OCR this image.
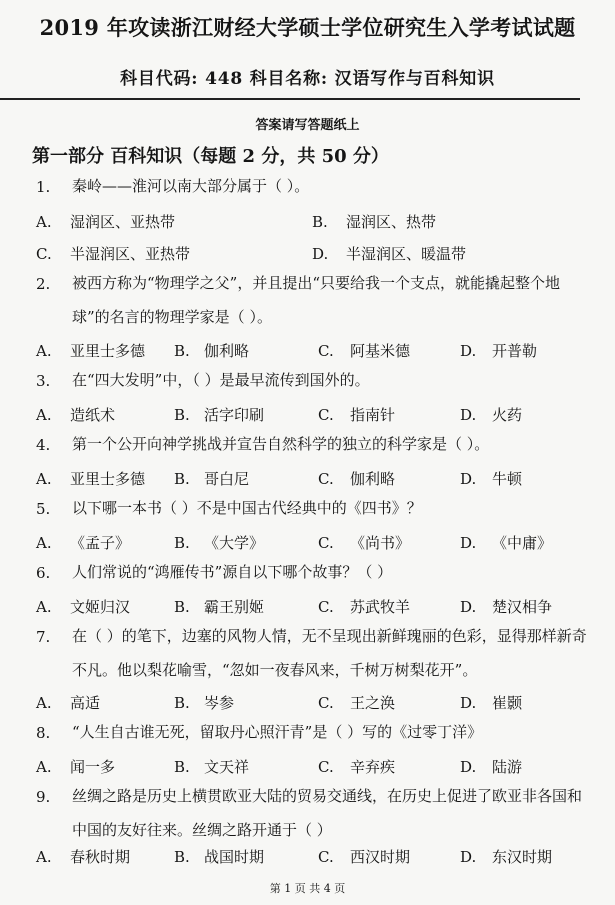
2019 年攻读浙江财经大学硕士学位研究生入学考试试题
科目代码: 448 科目名称: 汉语写作与百科知识
答案请写答题纸上
第一部分 百科知识（每题 2 分，共 50 分）
1. 秦岭——淮河以南大部分属于（ ）。
A. 湿润区、亚热带	B. 湿润区、热带
C. 半湿润区、亚热带	D. 半湿润区、暖温带
2. 被西方称为“物理学之父”，并且提出“只要给我一个支点，就能撬起整个地球”的名言的物理学家是（ ）。
A. 亚里士多德 B. 伽利略	C. 阿基米德	D. 开普勒
3. 在“四大发明”中，（ ）是最早流传到国外的。
A. 造纸术	B. 活字印刷	C. 指南针	D. 火药
4. 第一个公开向神学挑战并宣告自然科学的独立的科学家是（ ）。
A. 亚里士多德 B. 哥白尼	C. 伽利略	D. 牛顿
5. 以下哪一本书（ ）不是中国古代经典中的《四书》？
A. 《孟子》	B. 《大学》	C. 《尚书》	D. 《中庸》
6. 人们常说的“鸿雁传书”源自以下哪个故事？（ ）
A. 文姬归汉	B. 霸王别姬	C. 苏武牧羊	D. 楚汉相争
7. 在（ ）的笔下，边塞的风物人情，无不呈现出新鲜瑰丽的色彩，显得那样新奇不凡。他以梨花喻雪，“忽如一夜春风来，千树万树梨花开”。
A. 高适	B. 岑参	C. 王之涣	D. 崔颢
8. “人生自古谁无死，留取丹心照汗青”是（ ）写的《过零丁洋》
A. 闻一多	B. 文天祥	C. 辛弃疾	D. 陆游
9. 丝绸之路是历史上横贯欧亚大陆的贸易交通线，在历史上促进了欧亚非各国和中国的友好往来。丝绸之路开通于（ ）
A. 春秋时期	B. 战国时期	C. 西汉时期	D. 东汉时期
第 1 页 共 4 页
